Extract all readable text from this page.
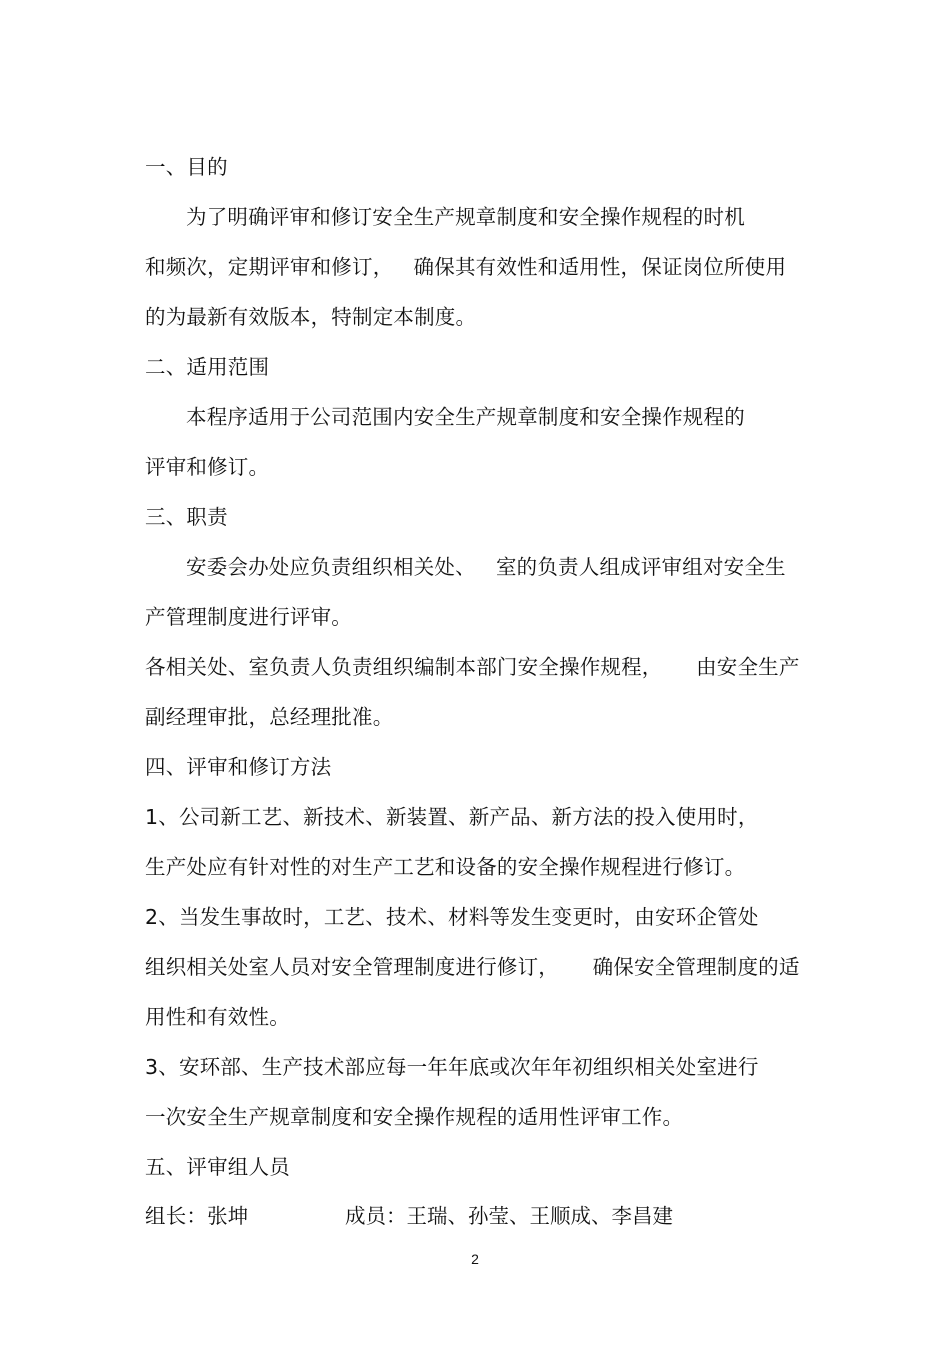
一、目的
为了明确评审和修订安全生产规章制度和安全操作规程的时机
和频次，定期评审和修订，   确保其有效性和适用性，保证岗位所使用
的为最新有效版本，特制定本制度。
二、适用范围
本程序适用于公司范围内安全生产规章制度和安全操作规程的
评审和修订。
三、职责
安委会办处应负责组织相关处、   室的负责人组成评审组对安全生
产管理制度进行评审。
各相关处、室负责人负责组织编制本部门安全操作规程，     由安全生产
副经理审批，总经理批准。
四、评审和修订方法
1、公司新工艺、新技术、新装置、新产品、新方法的投入使用时，
生产处应有针对性的对生产工艺和设备的安全操作规程进行修订。
2、当发生事故时，工艺、技术、材料等发生变更时，由安环企管处
组织相关处室人员对安全管理制度进行修订，     确保安全管理制度的适
用性和有效性。
3、安环部、生产技术部应每一年年底或次年年初组织相关处室进行
一次安全生产规章制度和安全操作规程的适用性评审工作。
五、评审组人员
组长：张坤	成员：王瑞、孙莹、王顺成、李昌建
2
